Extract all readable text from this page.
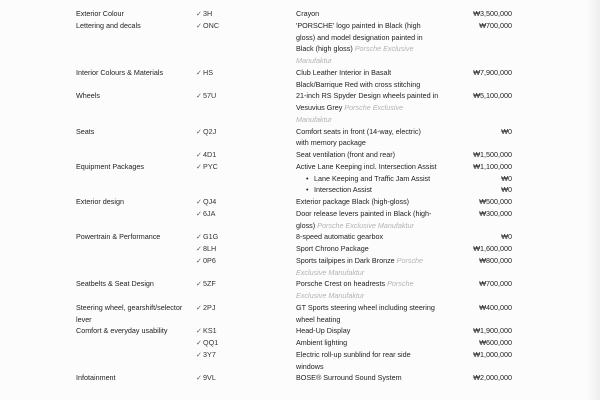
Exterior Colour	✓3H	Crayon	₩3,500,000
Lettering and decals	✓ONC	'PORSCHE' logo painted in Black (high	₩700,000
gloss) and model designation painted in
Black (high gloss) Porsche Exclusive
Manufaktur
Interior Colours & Materials	✓HS	Club Leather Interior in Basalt	₩7,900,000
Black/Barrique Red with cross stitching
Wheels	✓57U	21-inch RS Spyder Design wheels painted in	₩5,100,000
Vesuvius Grey Porsche Exclusive
Manufaktur
Seats	✓Q2J	Comfort seats in front (14-way, electric)	₩0
with memory package
✓4D1	Seat ventilation (front and rear)	₩1,500,000
Equipment Packages	✓PYC	Active Lane Keeping incl. Intersection Assist	₩1,100,000
• Lane Keeping and Traffic Jam Assist	₩0
• Intersection Assist	₩0
Exterior design	✓QJ4	Exterior package Black (high-gloss)	₩500,000
✓6JA	Door release levers painted in Black (high-	₩300,000
gloss) Porsche Exclusive Manufaktur
Powertrain & Performance	✓G1G	8-speed automatic gearbox	₩0
✓8LH	Sport Chrono Package	₩1,600,000
✓0P6	Sports tailpipes in Dark Bronze Porsche	₩800,000
Exclusive Manufaktur
Seatbelts & Seat Design	✓5ZF	Porsche Crest on headrests Porsche	₩700,000
Exclusive Manufaktur
Steering wheel, gearshift/selector	✓2PJ	GT Sports steering wheel including steering	₩400,000
lever	wheel heating
Comfort & everyday usability	✓KS1	Head-Up Display	₩1,900,000
✓QQ1	Ambient lighting	₩600,000
✓3Y7	Electric roll-up sunblind for rear side	₩1,000,000
windows
Infotainment	✓9VL	BOSE® Surround Sound System	₩2,000,000
